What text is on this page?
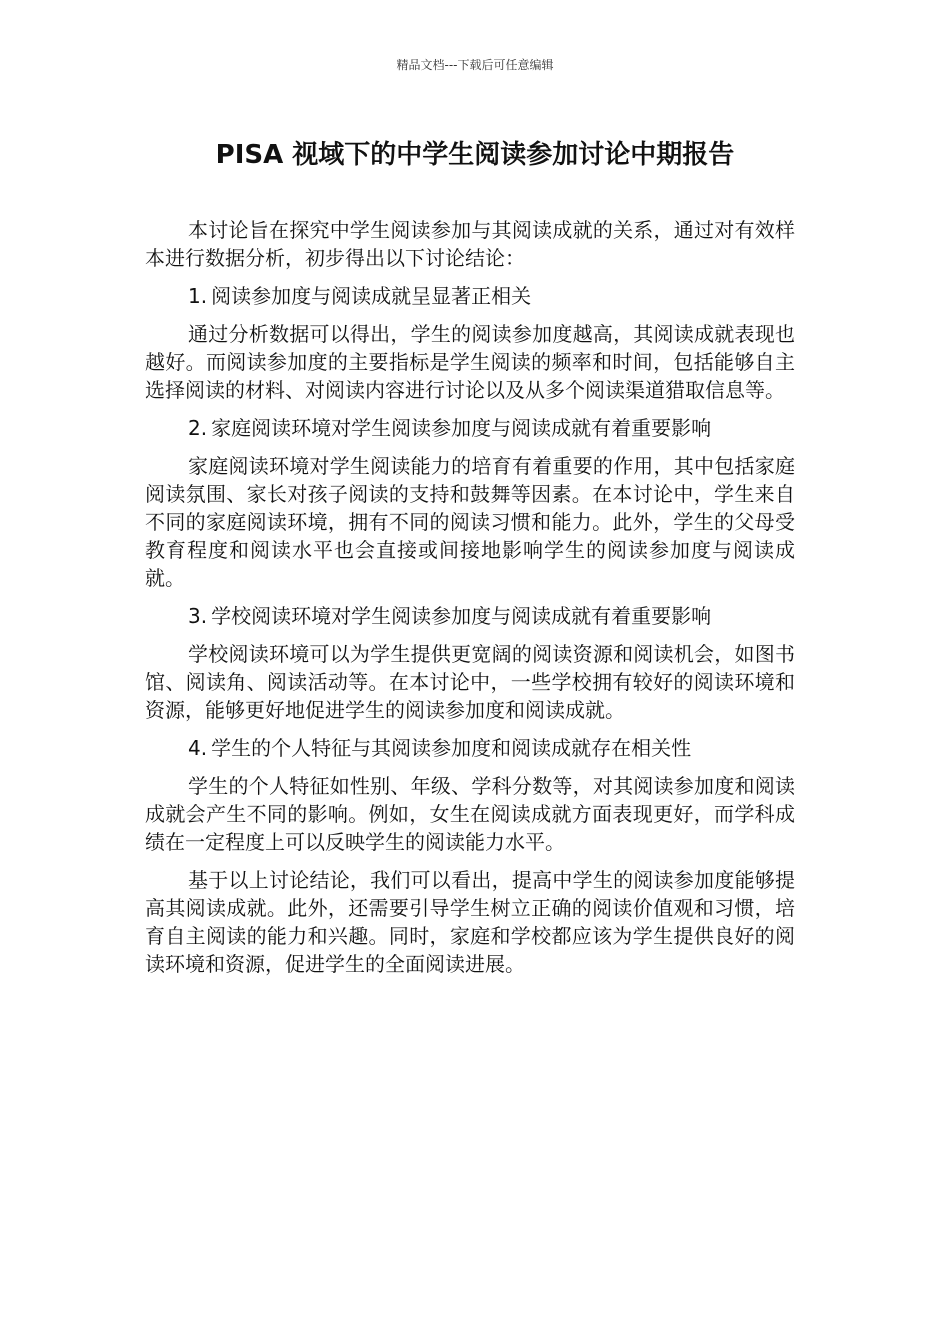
精品文档---下载后可任意编辑
PISA 视域下的中学生阅读参加讨论中期报告

本讨论旨在探究中学生阅读参加与其阅读成就的关系，通过对有效样本进行数据分析，初步得出以下讨论结论：

1. 阅读参加度与阅读成就呈显著正相关

通过分析数据可以得出，学生的阅读参加度越高，其阅读成就表现也越好。而阅读参加度的主要指标是学生阅读的频率和时间，包括能够自主选择阅读的材料、对阅读内容进行讨论以及从多个阅读渠道猎取信息等。

2. 家庭阅读环境对学生阅读参加度与阅读成就有着重要影响

家庭阅读环境对学生阅读能力的培育有着重要的作用，其中包括家庭阅读氛围、家长对孩子阅读的支持和鼓舞等因素。在本讨论中，学生来自不同的家庭阅读环境，拥有不同的阅读习惯和能力。此外，学生的父母受教育程度和阅读水平也会直接或间接地影响学生的阅读参加度与阅读成就。

3. 学校阅读环境对学生阅读参加度与阅读成就有着重要影响

学校阅读环境可以为学生提供更宽阔的阅读资源和阅读机会，如图书馆、阅读角、阅读活动等。在本讨论中，一些学校拥有较好的阅读环境和资源，能够更好地促进学生的阅读参加度和阅读成就。

4. 学生的个人特征与其阅读参加度和阅读成就存在相关性

学生的个人特征如性别、年级、学科分数等，对其阅读参加度和阅读成就会产生不同的影响。例如，女生在阅读成就方面表现更好，而学科成绩在一定程度上可以反映学生的阅读能力水平。

基于以上讨论结论，我们可以看出，提高中学生的阅读参加度能够提高其阅读成就。此外，还需要引导学生树立正确的阅读价值观和习惯，培育自主阅读的能力和兴趣。同时，家庭和学校都应该为学生提供良好的阅读环境和资源，促进学生的全面阅读进展。
